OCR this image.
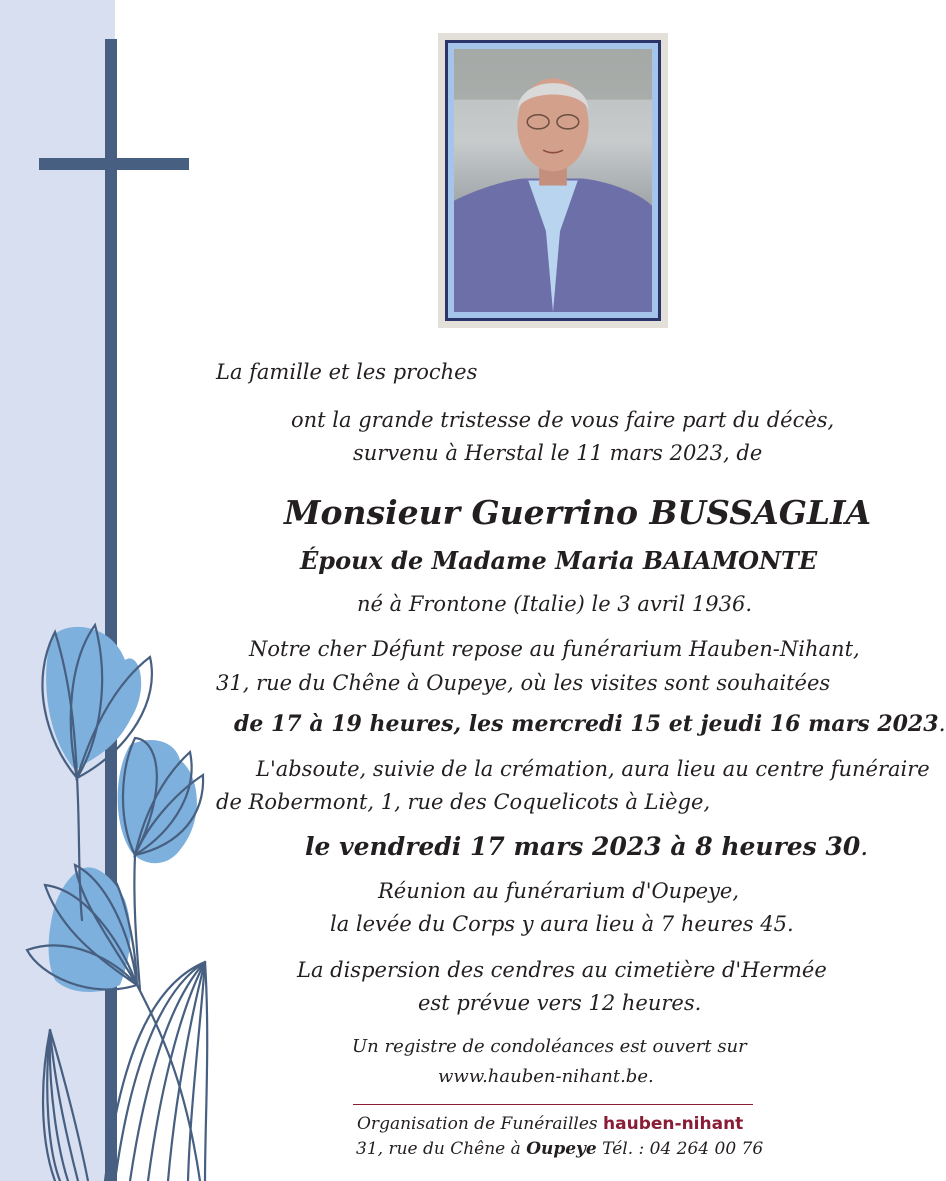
La famille et les proches
ont la grande tristesse de vous faire part du décès,
survenu à Herstal le 11 mars 2023, de
Monsieur Guerrino BUSSAGLIA
Époux de Madame Maria BAIAMONTE
né à Frontone (Italie) le 3 avril 1936.
Notre cher Défunt repose au funérarium Hauben-Nihant,
31, rue du Chêne à Oupeye, où les visites sont souhaitées
de 17 à 19 heures, les mercredi 15 et jeudi 16 mars 2023.
L'absoute, suivie de la crémation, aura lieu au centre funéraire
de Robermont, 1, rue des Coquelicots à Liège,
le vendredi 17 mars 2023 à 8 heures 30.
Réunion au funérarium d'Oupeye,
la levée du Corps y aura lieu à 7 heures 45.
La dispersion des cendres au cimetière d'Hermée
est prévue vers 12 heures.
Un registre de condoléances est ouvert sur
www.hauben-nihant.be.
Organisation de Funérailles hauben-nihant
31, rue du Chêne à Oupeye Tél. : 04 264 00 76
